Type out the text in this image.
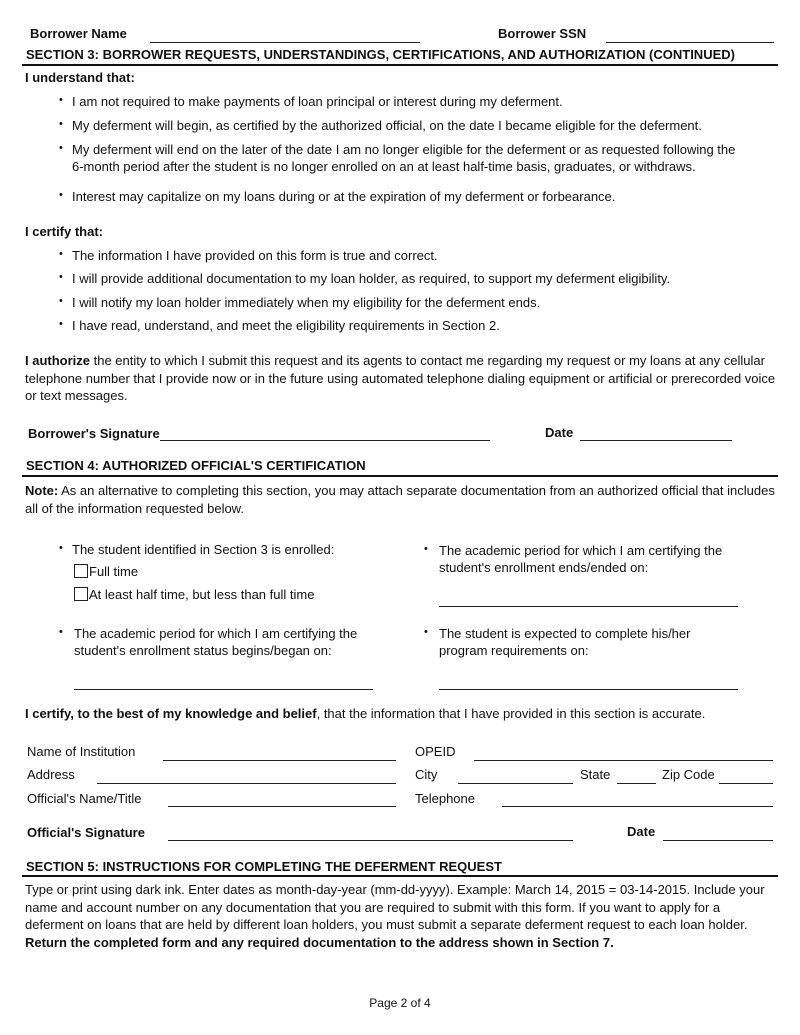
Borrower Name	Borrower SSN
SECTION 3: BORROWER REQUESTS, UNDERSTANDINGS, CERTIFICATIONS, AND AUTHORIZATION (CONTINUED)
I understand that:
• I am not required to make payments of loan principal or interest during my deferment.
• My deferment will begin, as certified by the authorized official, on the date I became eligible for the deferment.
• My deferment will end on the later of the date I am no longer eligible for the deferment or as requested following the
6-month period after the student is no longer enrolled on an at least half-time basis, graduates, or withdraws.
• Interest may capitalize on my loans during or at the expiration of my deferment or forbearance.
I certify that:
• The information I have provided on this form is true and correct.
• I will provide additional documentation to my loan holder, as required, to support my deferment eligibility.
• I will notify my loan holder immediately when my eligibility for the deferment ends.
• I have read, understand, and meet the eligibility requirements in Section 2.
I authorize the entity to which I submit this request and its agents to contact me regarding my request or my loans at any cellular telephone number that I provide now or in the future using automated telephone dialing equipment or artificial or prerecorded voice or text messages.
Borrower's Signature	Date
SECTION 4: AUTHORIZED OFFICIAL'S CERTIFICATION
Note: As an alternative to completing this section, you may attach separate documentation from an authorized official that includes all of the information requested below.
• The student identified in Section 3 is enrolled:
Full time
At least half time, but less than full time
• The academic period for which I am certifying the
student's enrollment ends/ended on:
• The academic period for which I am certifying the
student's enrollment status begins/began on:
• The student is expected to complete his/her
program requirements on:
I certify, to the best of my knowledge and belief, that the information that I have provided in this section is accurate.
Name of Institution	OPEID
Address	City	State	Zip Code
Official's Name/Title	Telephone
Official's Signature	Date
SECTION 5: INSTRUCTIONS FOR COMPLETING THE DEFERMENT REQUEST
Type or print using dark ink. Enter dates as month-day-year (mm-dd-yyyy). Example: March 14, 2015 = 03-14-2015. Include your name and account number on any documentation that you are required to submit with this form. If you want to apply for a deferment on loans that are held by different loan holders, you must submit a separate deferment request to each loan holder. Return the completed form and any required documentation to the address shown in Section 7.
Page 2 of 4
